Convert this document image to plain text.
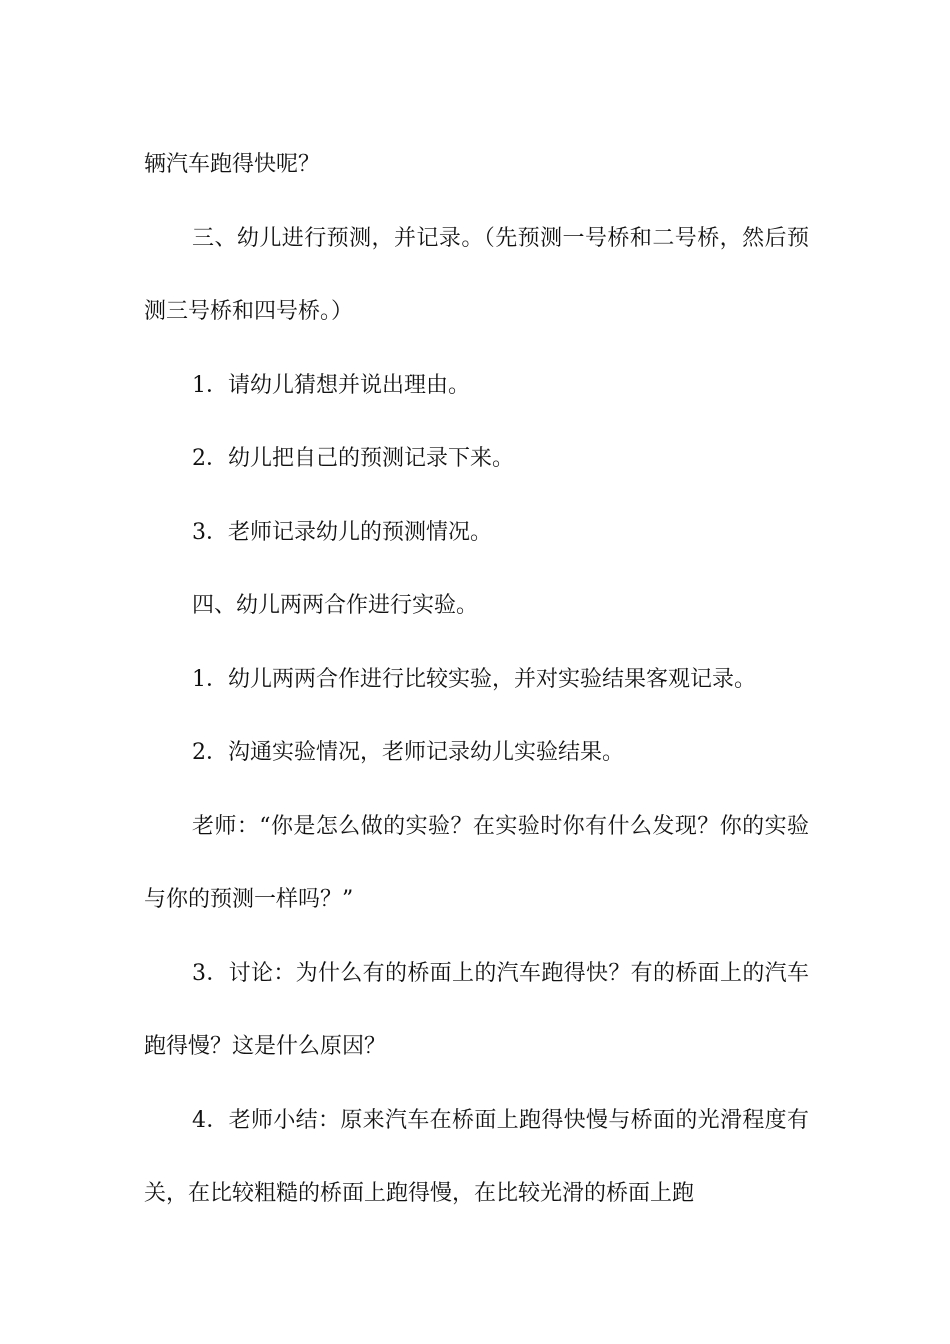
辆汽车跑得快呢？

三、幼儿进行预测，并记录。（先预测一号桥和二号桥，然后预测三号桥和四号桥。）

1．请幼儿猜想并说出理由。

2．幼儿把自己的预测记录下来。

3．老师记录幼儿的预测情况。

四、幼儿两两合作进行实验。

1．幼儿两两合作进行比较实验，并对实验结果客观记录。

2．沟通实验情况，老师记录幼儿实验结果。

老师：“你是怎么做的实验？在实验时你有什么发现？你的实验与你的预测一样吗？”

3．讨论：为什么有的桥面上的汽车跑得快？有的桥面上的汽车跑得慢？这是什么原因？

4．老师小结：原来汽车在桥面上跑得快慢与桥面的光滑程度有关，在比较粗糙的桥面上跑得慢，在比较光滑的桥面上跑
